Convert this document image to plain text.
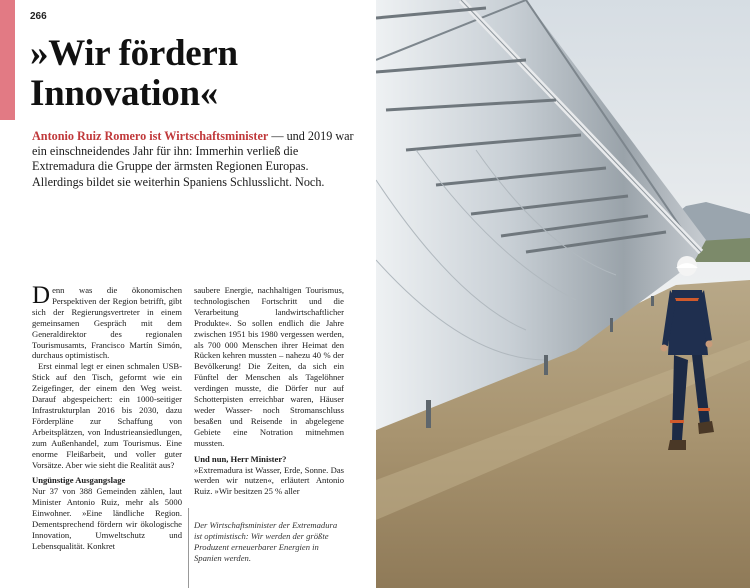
266
»Wir fördern
Innovation«

Antonio Ruiz Romero ist Wirtschaftsminister — und 2019 war ein einschneidendes Jahr für ihn: Immerhin verließ die Extremadura die Gruppe der ärmsten Regionen Europas. Allerdings bildet sie weiterhin Spaniens Schlusslicht. Noch.

Denn was die ökonomischen Perspektiven der Region betrifft, gibt sich der Regierungsvertreter in einem gemeinsamen Gespräch mit dem Generaldirektor des regionalen Tourismusamts, Francisco Martín Simón, durchaus optimistisch.

Erst einmal legt er einen schmalen USB-Stick auf den Tisch, geformt wie ein Zeigefinger, der einem den Weg weist. Darauf abgespeichert: ein 1000-seitiger Infrastrukturplan 2016 bis 2030, dazu Förderpläne zur Schaffung von Arbeitsplätzen, von Industrieansiedlungen, zum Außenhandel, zum Tourismus. Eine enorme Fleißarbeit, und voller guter Vorsätze. Aber wie sieht die Realität aus?

Ungünstige Ausgangslage

Nur 37 von 388 Gemeinden zählen, laut Minister Antonio Ruiz, mehr als 5000 Einwohner. »Eine ländliche Region. Dementsprechend fördern wir ökologische Innovation, Umweltschutz und Lebensqualität. Konkret

saubere Energie, nachhaltigen Tourismus, technologischen Fortschritt und die Verarbeitung landwirtschaftlicher Produkte«. So sollen endlich die Jahre zwischen 1951 bis 1980 vergessen werden, als 700 000 Menschen ihrer Heimat den Rücken kehren mussten – nahezu 40 % der Bevölkerung! Die Zeiten, da sich ein Fünftel der Menschen als Tagelöhner verdingen musste, die Dörfer nur auf Schotterpisten erreichbar waren, Häuser weder Wasser- noch Stromanschluss besaßen und Reisende in abgelegene Gebiete eine Notration mitnehmen mussten.

Und nun, Herr Minister?

»Extremadura ist Wasser, Erde, Sonne. Das werden wir nutzen«, erläutert Antonio Ruiz. »Wir besitzen 25 % aller

Der Wirtschaftsminister der Extremadura ist optimistisch: Wir werden der größte Produzent erneuerbarer Energien in Spanien werden.
